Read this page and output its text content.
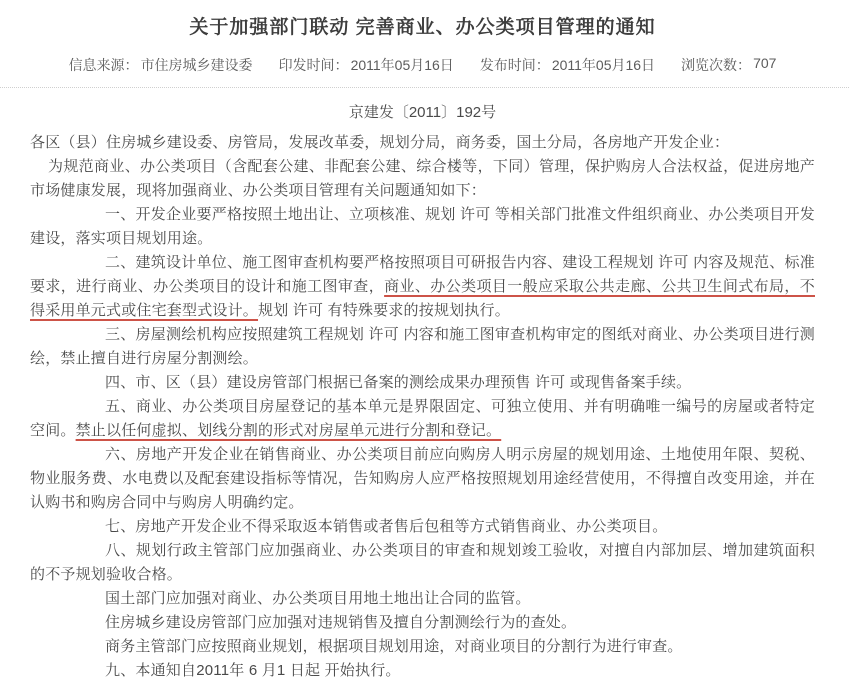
关于加强部门联动 完善商业、办公类项目管理的通知
信息来源： 市住房城乡建设委 印发时间： 2011年05月16日 发布时间： 2011年05月16日 浏览次数： 707
京建发〔2011〕192号

各区（县）住房城乡建设委、房管局，发展改革委，规划分局，商务委，国土分局，各房地产开发企业：

为规范商业、办公类项目（含配套公建、非配套公建、综合楼等，下同）管理，保护购房人合法权益，促进房地产市场健康发展，现将加强商业、办公类项目管理有关问题通知如下：

一、开发企业要严格按照土地出让、立项核准、规划 许可 等相关部门批准文件组织商业、办公类项目开发建设，落实项目规划用途。

二、建筑设计单位、施工图审查机构要严格按照项目可研报告内容、建设工程规划 许可 内容及规范、标准要求，进行商业、办公类项目的设计和施工图审查，商业、办公类项目一般应采取公共走廊、公共卫生间式布局，不得采用单元式或住宅套型式设计。规划 许可 有特殊要求的按规划执行。

三、房屋测绘机构应按照建筑工程规划 许可 内容和施工图审查机构审定的图纸对商业、办公类项目进行测绘，禁止擅自进行房屋分割测绘。

四、市、区（县）建设房管部门根据已备案的测绘成果办理预售 许可 或现售备案手续。

五、商业、办公类项目房屋登记的基本单元是界限固定、可独立使用、并有明确唯一编号的房屋或者特定空间。禁止以任何虚拟、划线分割的形式对房屋单元进行分割和登记。

六、房地产开发企业在销售商业、办公类项目前应向购房人明示房屋的规划用途、土地使用年限、契税、物业服务费、水电费以及配套建设指标等情况，告知购房人应严格按照规划用途经营使用，不得擅自改变用途，并在认购书和购房合同中与购房人明确约定。

七、房地产开发企业不得采取返本销售或者售后包租等方式销售商业、办公类项目。

八、规划行政主管部门应加强商业、办公类项目的审查和规划竣工验收，对擅自内部加层、增加建筑面积的不予规划验收合格。

国土部门应加强对商业、办公类项目用地土地出让合同的监管。

住房城乡建设房管部门应加强对违规销售及擅自分割测绘行为的查处。

商务主管部门应按照商业规划，根据项目规划用途，对商业项目的分割行为进行审查。

九、本通知自2011年 6 月1 日起 开始执行。
